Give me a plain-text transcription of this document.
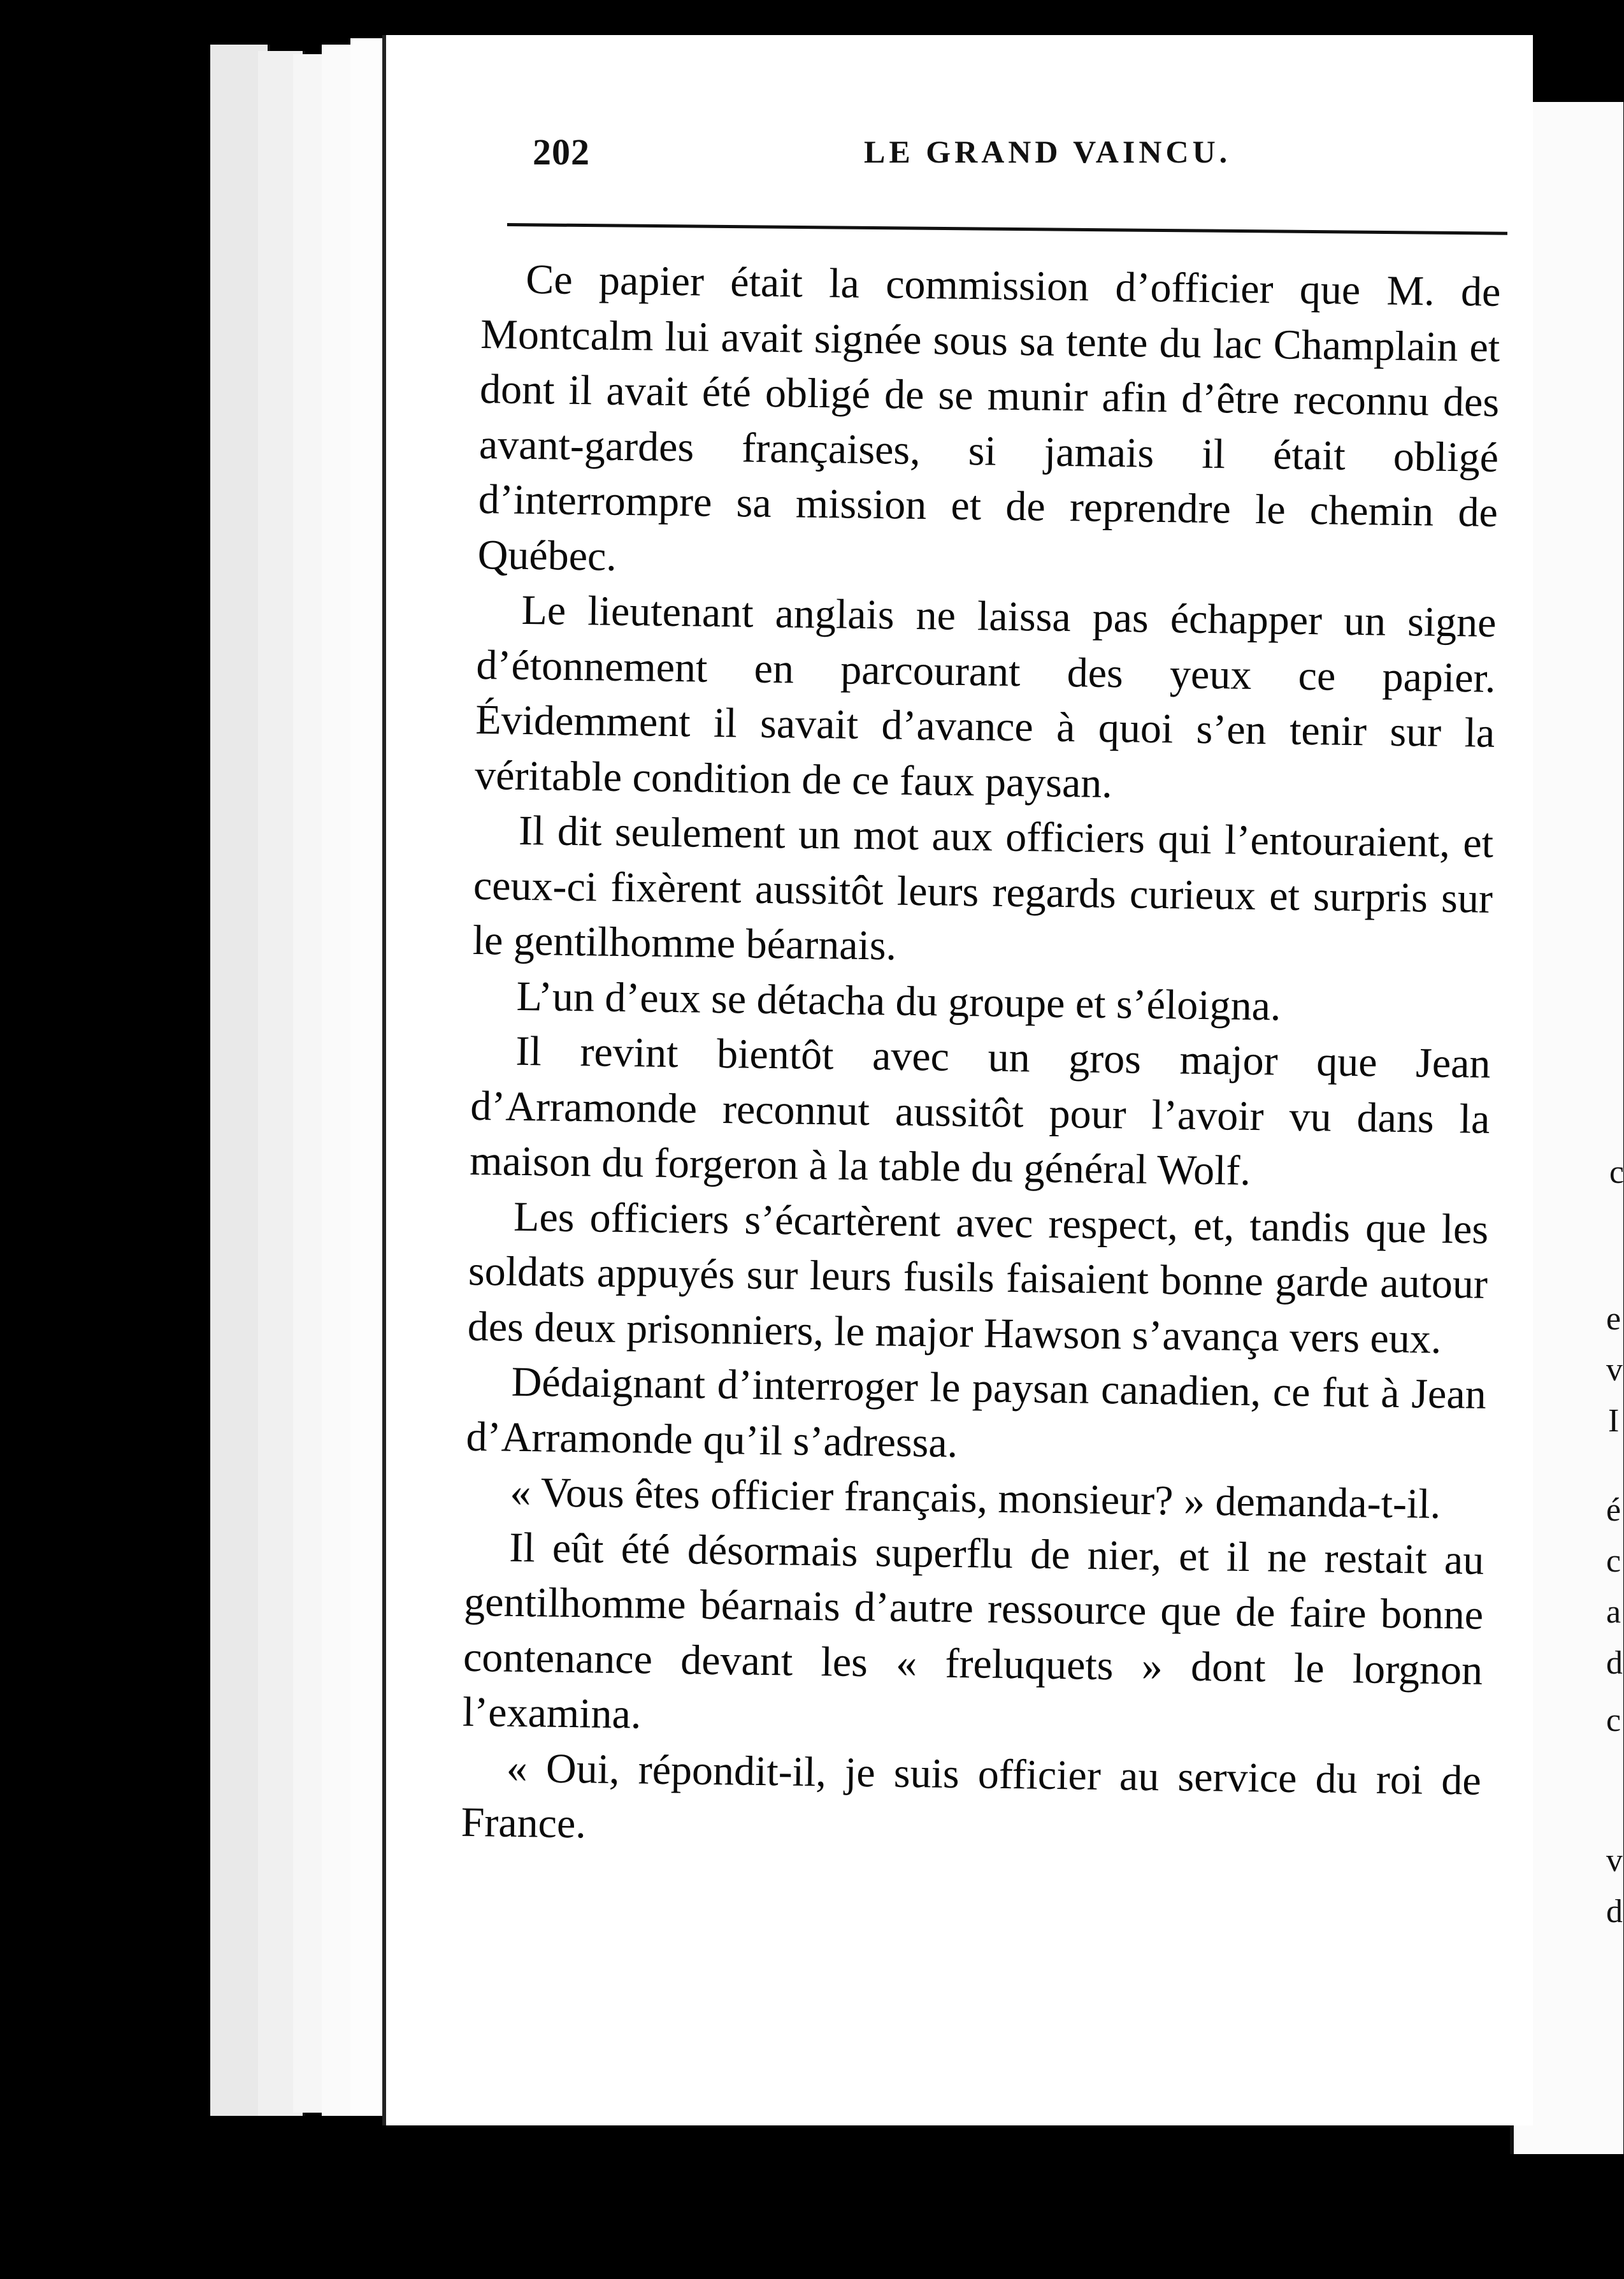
c
e
v
I
é
c
a
d
c
v
d
202	LE GRAND VAINCU.

Ce papier était la commission d’officier que M. de Montcalm lui avait signée sous sa tente du lac Champlain et dont il avait été obligé de se munir afin d’être reconnu des avant-gardes françaises, si jamais il était obligé d’interrompre sa mission et de reprendre le chemin de Québec.

Le lieutenant anglais ne laissa pas échapper un signe d’étonnement en parcourant des yeux ce papier. Évidemment il savait d’avance à quoi s’en tenir sur la véritable condition de ce faux paysan.

Il dit seulement un mot aux officiers qui l’entouraient, et ceux-ci fixèrent aussitôt leurs regards curieux et surpris sur le gentilhomme béarnais.

L’un d’eux se détacha du groupe et s’éloigna.

Il revint bientôt avec un gros major que Jean d’Arramonde reconnut aussitôt pour l’avoir vu dans la maison du forgeron à la table du général Wolf.

Les officiers s’écartèrent avec respect, et, tandis que les soldats appuyés sur leurs fusils faisaient bonne garde autour des deux prisonniers, le major Hawson s’avança vers eux.

Dédaignant d’interroger le paysan canadien, ce fut à Jean d’Arramonde qu’il s’adressa.

« Vous êtes officier français, monsieur? » demanda-t-il.

Il eût été désormais superflu de nier, et il ne restait au gentilhomme béarnais d’autre ressource que de faire bonne contenance devant les « freluquets » dont le lorgnon l’examina.

« Oui, répondit-il, je suis officier au service du roi de France.
